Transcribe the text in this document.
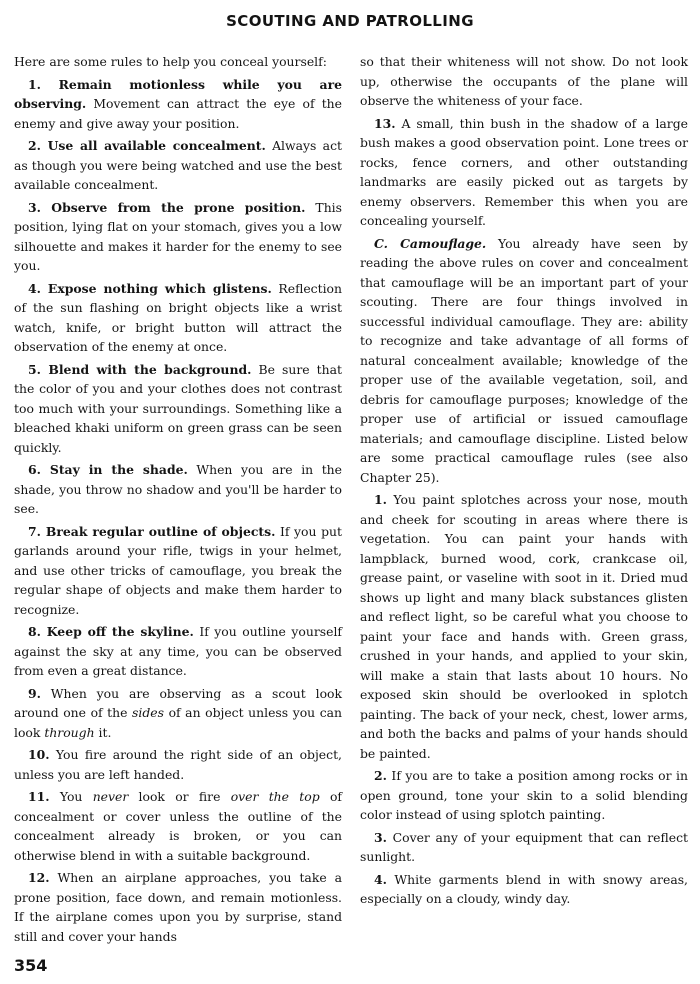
SCOUTING AND PATROLLING

Here are some rules to help you conceal yourself:

1. Remain motionless while you are observing. Movement can attract the eye of the enemy and give away your position.

2. Use all available concealment. Always act as though you were being watched and use the best available concealment.

3. Observe from the prone position. This position, lying flat on your stomach, gives you a low silhouette and makes it harder for the enemy to see you.

4. Expose nothing which glistens. Reflection of the sun flashing on bright objects like a wrist watch, knife, or bright button will attract the observation of the enemy at once.

5. Blend with the background. Be sure that the color of you and your clothes does not contrast too much with your surroundings. Something like a bleached khaki uniform on green grass can be seen quickly.

6. Stay in the shade. When you are in the shade, you throw no shadow and you'll be harder to see.

7. Break regular outline of objects. If you put garlands around your rifle, twigs in your helmet, and use other tricks of camouflage, you break the regular shape of objects and make them harder to recognize.

8. Keep off the skyline. If you outline yourself against the sky at any time, you can be observed from even a great distance.

9. When you are observing as a scout look around one of the sides of an object unless you can look through it.

10. You fire around the right side of an object, unless you are left handed.

11. You never look or fire over the top of concealment or cover unless the outline of the concealment already is broken, or you can otherwise blend in with a suitable background.

12. When an airplane approaches, you take a prone position, face down, and remain motionless. If the airplane comes upon you by surprise, stand still and cover your hands

so that their whiteness will not show. Do not look up, otherwise the occupants of the plane will observe the whiteness of your face.

13. A small, thin bush in the shadow of a large bush makes a good observation point. Lone trees or rocks, fence corners, and other outstanding landmarks are easily picked out as targets by enemy observers. Remember this when you are concealing yourself.

C. Camouflage. You already have seen by reading the above rules on cover and concealment that camouflage will be an important part of your scouting. There are four things involved in successful individual camouflage. They are: ability to recognize and take advantage of all forms of natural concealment available; knowledge of the proper use of the available vegetation, soil, and debris for camouflage purposes; knowledge of the proper use of artificial or issued camouflage materials; and camouflage discipline. Listed below are some practical camouflage rules (see also Chapter 25).

1. You paint splotches across your nose, mouth and cheek for scouting in areas where there is vegetation. You can paint your hands with lampblack, burned wood, cork, crankcase oil, grease paint, or vaseline with soot in it. Dried mud shows up light and many black substances glisten and reflect light, so be careful what you choose to paint your face and hands with. Green grass, crushed in your hands, and applied to your skin, will make a stain that lasts about 10 hours. No exposed skin should be overlooked in splotch painting. The back of your neck, chest, lower arms, and both the backs and palms of your hands should be painted.

2. If you are to take a position among rocks or in open ground, tone your skin to a solid blending color instead of using splotch painting.

3. Cover any of your equipment that can reflect sunlight.

4. White garments blend in with snowy areas, especially on a cloudy, windy day.

354
